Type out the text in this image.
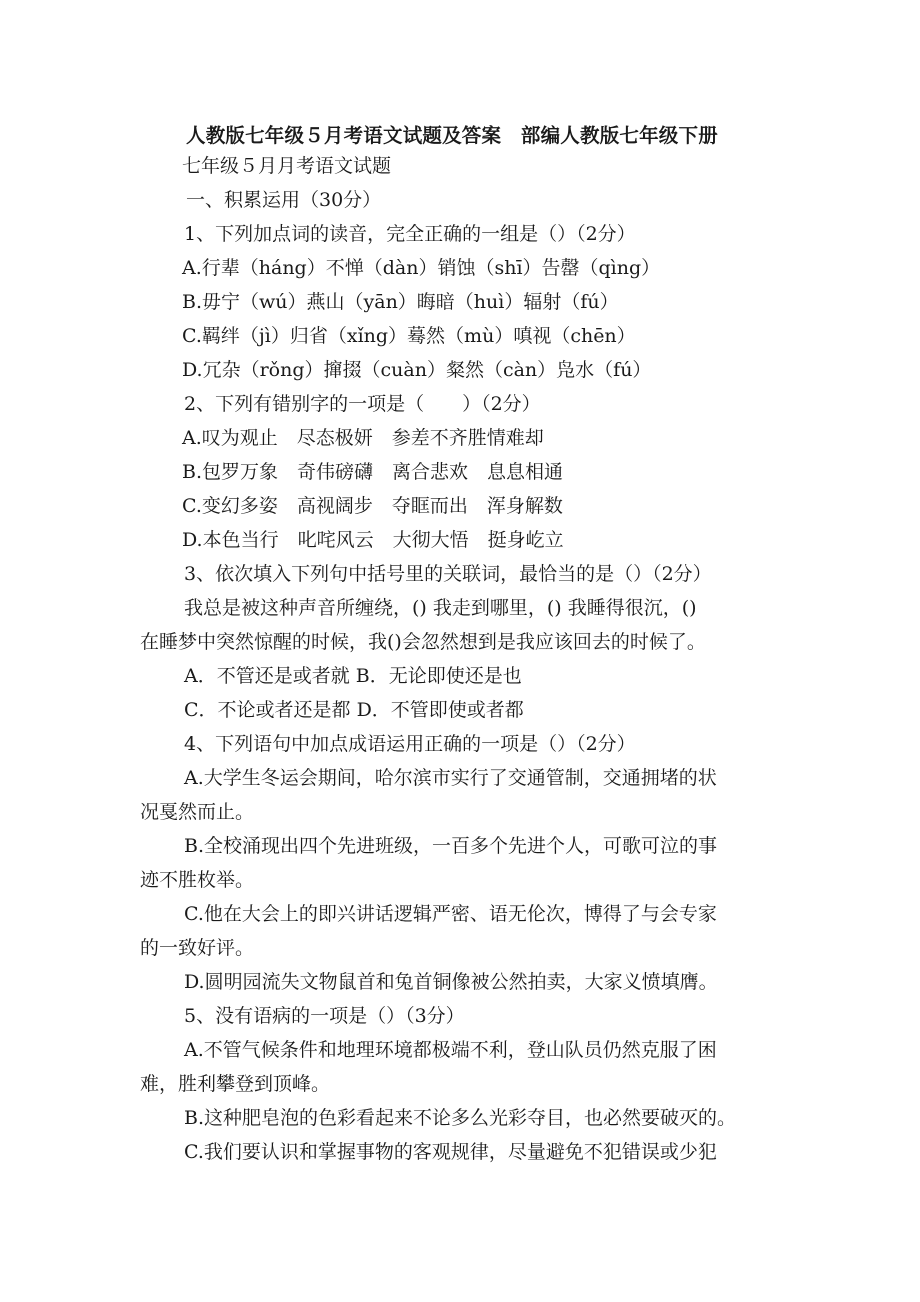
人教版七年级５月考语文试题及答案　部编人教版七年级下册
七年级５月月考语文试题
一、积累运用（30分）
1、下列加点词的读音，完全正确的一组是（）（2分）
A.行辈（háng）不惮（dàn）销蚀（shī）告罄（qìng）
B.毋宁（wú）燕山（yān）晦暗（huì）辐射（fú）
C.羁绊（jì）归省（xǐng）蓦然（mù）嗔视（chēn）
D.冗杂（rǒng）撺掇（cuàn）粲然（càn）凫水（fú）
2、下列有错别字的一项是（　　）（2分）
A.叹为观止　尽态极妍　参差不齐胜情难却
B.包罗万象　奇伟磅礴　离合悲欢　息息相通
C.变幻多姿　高视阔步　夺眶而出　浑身解数
D.本色当行　叱咤风云　大彻大悟　挺身屹立
3、依次填入下列句中括号里的关联词，最恰当的是（）（2分）
我总是被这种声音所缠绕，() 我走到哪里，() 我睡得很沉，()
在睡梦中突然惊醒的时候，我()会忽然想到是我应该回去的时候了。
A．不管还是或者就 B．无论即使还是也
C．不论或者还是都 D．不管即使或者都
4、下列语句中加点成语运用正确的一项是（）（2分）
A.大学生冬运会期间，哈尔滨市实行了交通管制，交通拥堵的状
况戛然而止。
B.全校涌现出四个先进班级，一百多个先进个人，可歌可泣的事
迹不胜枚举。
C.他在大会上的即兴讲话逻辑严密、语无伦次，博得了与会专家
的一致好评。
D.圆明园流失文物鼠首和兔首铜像被公然拍卖，大家义愤填膺。
5、没有语病的一项是（）（3分）
A.不管气候条件和地理环境都极端不利，登山队员仍然克服了困
难，胜利攀登到顶峰。
B.这种肥皂泡的色彩看起来不论多么光彩夺目，也必然要破灭的。
C.我们要认识和掌握事物的客观规律，尽量避免不犯错误或少犯
